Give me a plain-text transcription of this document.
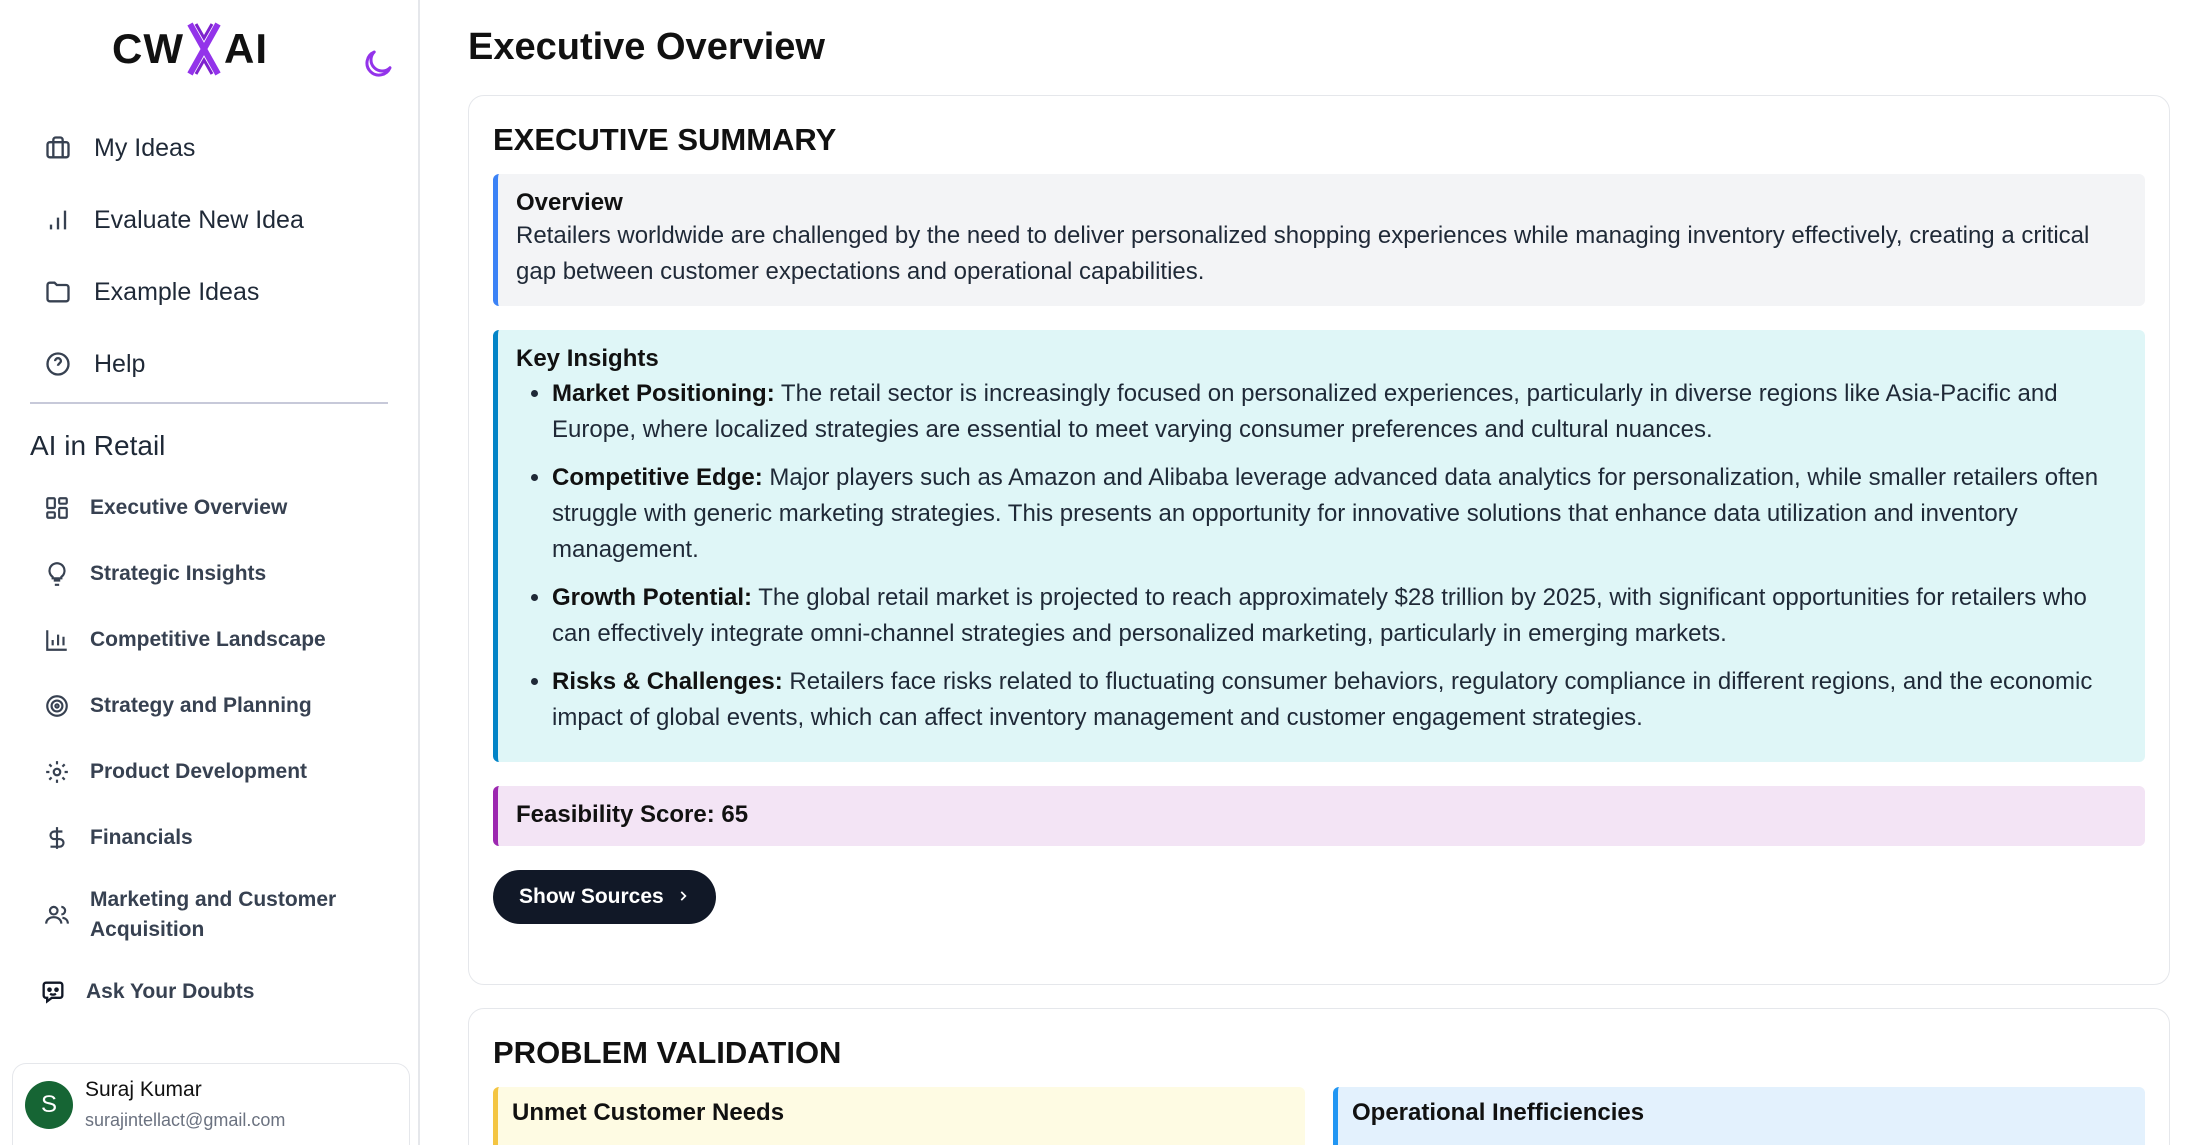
CW AI
My Ideas
Evaluate New Idea
Example Ideas
Help
AI in Retail
Executive Overview
Strategic Insights
Competitive Landscape
Strategy and Planning
Product Development
Financials
Marketing and Customer Acquisition
Ask Your Doubts
S
Suraj Kumar
surajintellact@gmail.com
Executive Overview
EXECUTIVE SUMMARY
Overview
Retailers worldwide are challenged by the need to deliver personalized shopping experiences while managing inventory effectively, creating a critical gap between customer expectations and operational capabilities.
Key Insights
• Market Positioning: The retail sector is increasingly focused on personalized experiences, particularly in diverse regions like Asia-Pacific and Europe, where localized strategies are essential to meet varying consumer preferences and cultural nuances.
• Competitive Edge: Major players such as Amazon and Alibaba leverage advanced data analytics for personalization, while smaller retailers often struggle with generic marketing strategies. This presents an opportunity for innovative solutions that enhance data utilization and inventory management.
• Growth Potential: The global retail market is projected to reach approximately $28 trillion by 2025, with significant opportunities for retailers who can effectively integrate omni-channel strategies and personalized marketing, particularly in emerging markets.
• Risks & Challenges: Retailers face risks related to fluctuating consumer behaviors, regulatory compliance in different regions, and the economic impact of global events, which can affect inventory management and customer engagement strategies.
Feasibility Score: 65
Show Sources
PROBLEM VALIDATION
Unmet Customer Needs	Operational Inefficiencies
